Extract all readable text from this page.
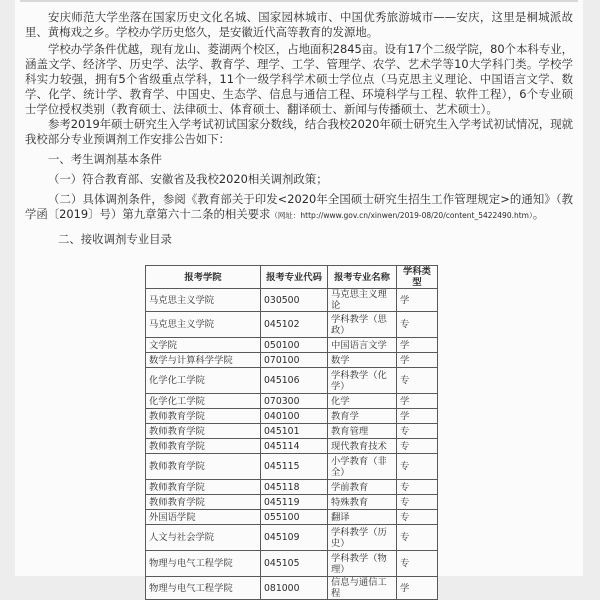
安庆师范大学坐落在国家历史文化名城、国家园林城市、中国优秀旅游城市——安庆，这里是桐城派故里、黄梅戏之乡。学校办学历史悠久，是安徽近代高等教育的发源地。

学校办学条件优越，现有龙山、菱湖两个校区，占地面积2845亩。设有17个二级学院，80个本科专业，涵盖文学、经济学、历史学、法学、教育学、理学、工学、管理学、农学、艺术学等10大学科门类。学校学科实力较强，拥有5个省级重点学科，11个一级学科学术硕士学位点（马克思主义理论、中国语言文学、数学、化学、统计学、教育学、中国史、生态学、信息与通信工程、环境科学与工程、软件工程），6个专业硕士学位授权类别（教育硕士、法律硕士、体育硕士、翻译硕士、新闻与传播硕士、艺术硕士）。

参考2019年硕士研究生入学考试初试国家分数线，结合我校2020年硕士研究生入学考试初试情况，现就我校部分专业预调剂工作安排公告如下：

一、考生调剂基本条件

（一）符合教育部、安徽省及我校2020相关调剂政策；

（二）具体调剂条件，参阅《教育部关于印发<2020年全国硕士研究生招生工作管理规定>的通知》（教学函〔2019〕号）第九章第六十二条的相关要求（网址：http://www.gov.cn/xinwen/2019-08/20/content_5422490.htm）。

二、接收调剂专业目录

报考学院	报考专业代码	报考专业名称	学科类型
马克思主义学院	030500	马克思主义理论	学
马克思主义学院	045102	学科教学（思政）	专
文学院	050100	中国语言文学	学
数学与计算科学学院	070100	数学	学
化学化工学院	045106	学科教学（化学）	专
化学化工学院	070300	化学	学
教师教育学院	040100	教育学	学
教师教育学院	045101	教育管理	专
教师教育学院	045114	现代教育技术	专
教师教育学院	045115	小学教育（非全）	专
教师教育学院	045118	学前教育	专
教师教育学院	045119	特殊教育	专
外国语学院	055100	翻译	专
人文与社会学院	045109	学科教学（历史）	专
物理与电气工程学院	045105	学科教学（物理）	专
物理与电气工程学院	081000	信息与通信工程	学
